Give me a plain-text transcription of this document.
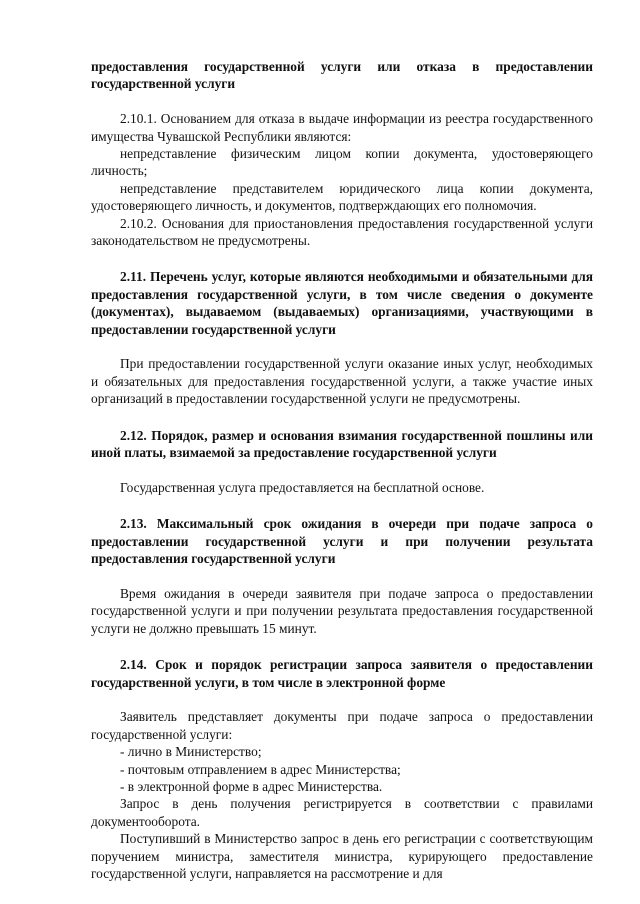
предоставления государственной услуги или отказа в предоставлении государственной услуги

2.10.1. Основанием для отказа в выдаче информации из реестра государственного имущества Чувашской Республики являются:

непредставление физическим лицом копии документа, удостоверяющего личность;

непредставление представителем юридического лица копии документа, удостоверяющего личность, и документов, подтверждающих его полномочия.

2.10.2. Основания для приостановления предоставления государственной услуги законодательством не предусмотрены.

2.11. Перечень услуг, которые являются необходимыми и обязательными для предоставления государственной услуги, в том числе сведения о документе (документах), выдаваемом (выдаваемых) организациями, участвующими в предоставлении государственной услуги

При предоставлении государственной услуги оказание иных услуг, необходимых и обязательных для предоставления государственной услуги, а также участие иных организаций в предоставлении государственной услуги не предусмотрены.

2.12. Порядок, размер и основания взимания государственной пошлины или иной платы, взимаемой за предоставление государственной услуги

Государственная услуга предоставляется на бесплатной основе.

2.13. Максимальный срок ожидания в очереди при подаче запроса о предоставлении государственной услуги и при получении результата предоставления государственной услуги

Время ожидания в очереди заявителя при подаче запроса о предоставлении государственной услуги и при получении результата предоставления государственной услуги не должно превышать 15 минут.

2.14. Срок и порядок регистрации запроса заявителя о предоставлении государственной услуги, в том числе в электронной форме

Заявитель представляет документы при подаче запроса о предоставлении государственной услуги:

- лично в Министерство;

- почтовым отправлением в адрес Министерства;

- в электронной форме в адрес Министерства.

Запрос в день получения регистрируется в соответствии с правилами документооборота.

Поступивший в Министерство запрос в день его регистрации с соответствующим поручением министра, заместителя министра, курирующего предоставление государственной услуги, направляется на рассмотрение и для
